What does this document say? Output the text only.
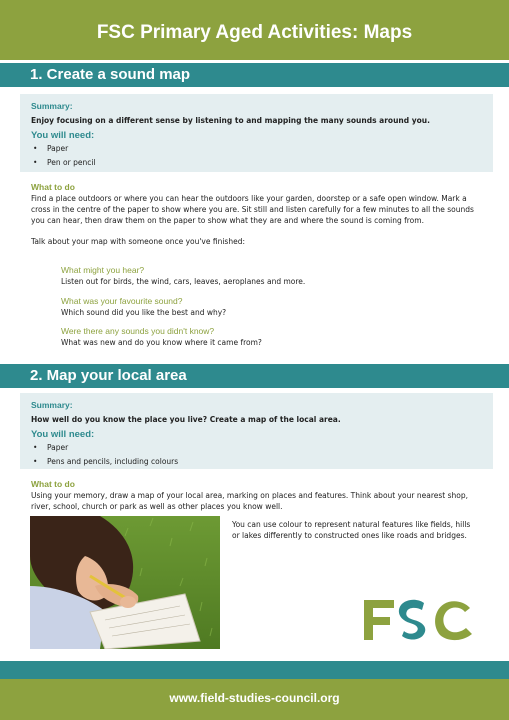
FSC Primary Aged Activities: Maps
1. Create a sound map
Summary:
Enjoy focusing on a different sense by listening to and mapping the many sounds around you.
You will need:
• Paper
• Pen or pencil
What to do
Find a place outdoors or where you can hear the outdoors like your garden, doorstep or a safe open window. Mark a cross in the centre of the paper to show where you are. Sit still and listen carefully for a few minutes to all the sounds you can hear, then draw them on the paper to show what they are and where the sound is coming from.
Talk about your map with someone once you've finished:
What might you hear?
Listen out for birds, the wind, cars, leaves, aeroplanes and more.
What was your favourite sound?
Which sound did you like the best and why?
Were there any sounds you didn't know?
What was new and do you know where it came from?
2. Map your local area
Summary:
How well do you know the place you live? Create a map of the local area.
You will need:
• Paper
• Pens and pencils, including colours
What to do
Using your memory, draw a map of your local area, marking on places and features. Think about your nearest shop, river, school, church or park as well as other places you know well.
You can use colour to represent natural features like fields, hills or lakes differently to constructed ones like roads and bridges.
www.field-studies-council.org
